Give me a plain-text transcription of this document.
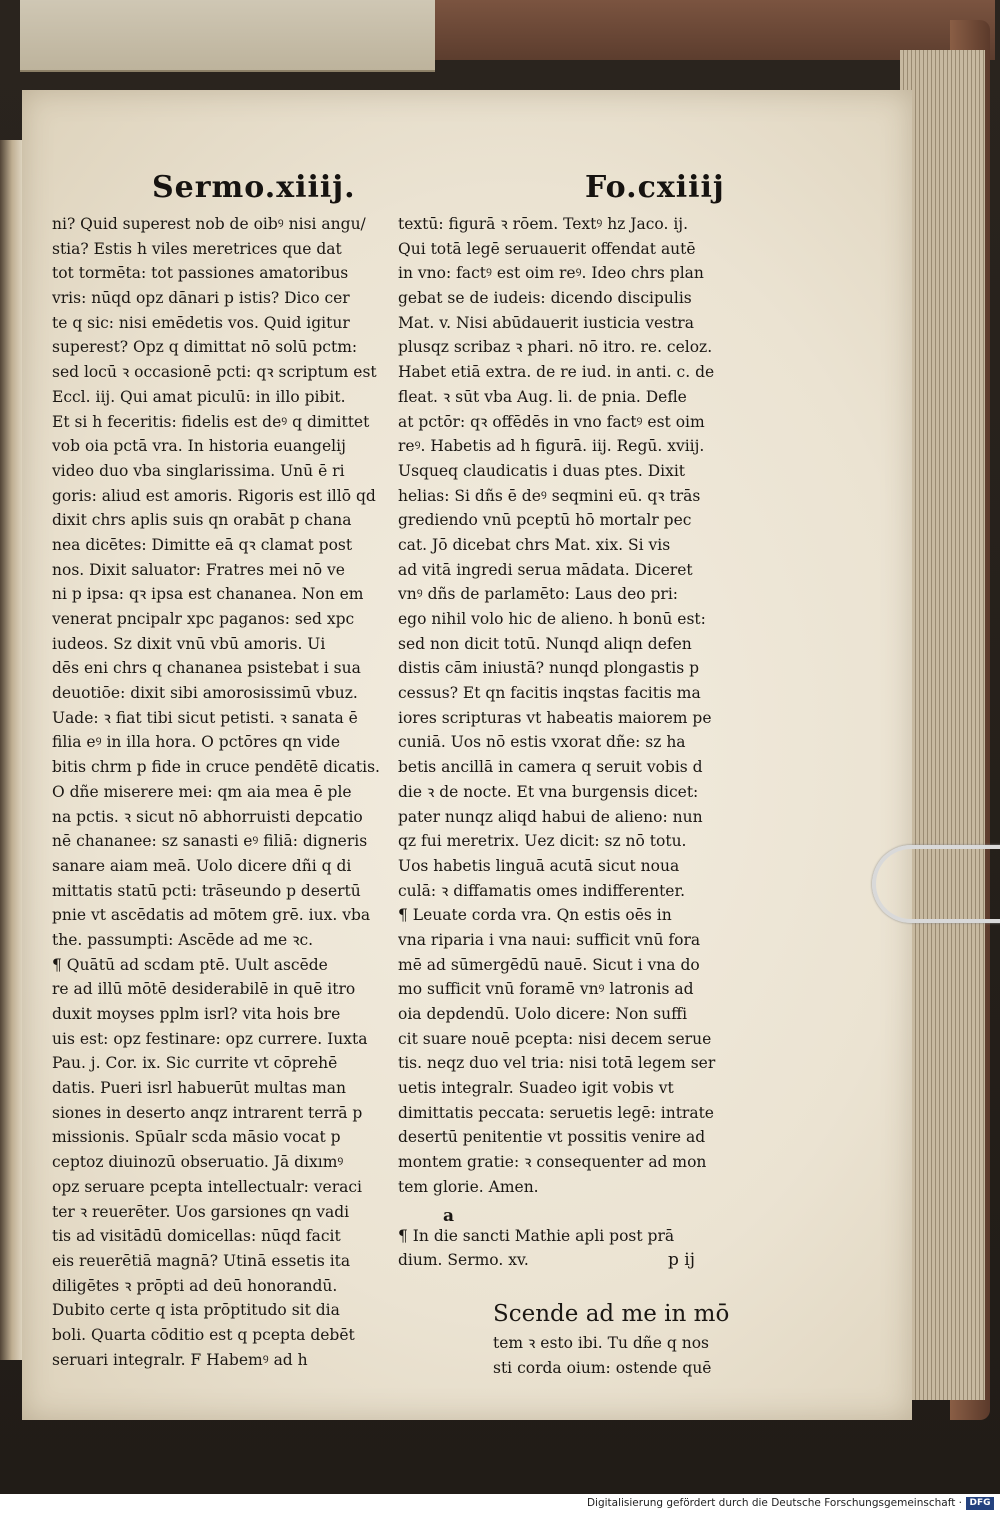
Sermo.xiiij.	Fo.cxiiij
ni? Quid superest nob de oibꝰ nisi angu/
stia? Estis h viles meretrices que dat
tot tormēta: tot passiones amatoribus
vris: nūqd opz dānari p istis? Dico cer
te q sic: nisi emēdetis vos. Quid igitur
superest? Opz q dimittat nō solū pctm:
sed locū ꝛ occasionē pcti: qꝛ scriptum est
Eccl. iij. Qui amat piculū: in illo pibit.
Et si h feceritis: fidelis est deꝰ q dimittet
vob oia pctā vra. In historia euangelij
video duo vba singlarissima. Unū ē ri
goris: aliud est amoris. Rigoris est illō qd
dixit chrs aplis suis qn orabāt p chana
nea dicētes: Dimitte eā qꝛ clamat post
nos. Dixit saluator: Fratres mei nō ve
ni p ipsa: qꝛ ipsa est chananea. Non em
venerat pncipalr xpc paganos: sed xpc
iudeos. Sz dixit vnū vbū amoris. Ui
dēs eni chrs q chananea psistebat i sua
deuotiōe: dixit sibi amorosissimū vbuz.
Uade: ꝛ fiat tibi sicut petisti. ꝛ sanata ē
filia eꝰ in illa hora. O pctōres qn vide
bitis chrm p fide in cruce pendētē dicatis.
O dñe miserere mei: qm aia mea ē ple
na pctis. ꝛ sicut nō abhorruisti depcatio
nē chananee: sz sanasti eꝰ filiā: digneris
sanare aiam meā. Uolo dicere dñi q di
mittatis statū pcti: trāseundo p desertū
pnie vt ascēdatis ad mōtem grē. iux. vba
the. passumpti: Ascēde ad me ꝛc.
¶ Quātū ad scdam ptē. Uult ascēde
re ad illū mōtē desiderabilē in quē itro
duxit moyses pplm isrl? vita hois bre
uis est: opz festinare: opz currere. Iuxta
Pau. j. Cor. ix. Sic currite vt cōprehē
datis. Pueri isrl habuerūt multas man
siones in deserto anqz intrarent terrā p
missionis. Spūalr scda māsio vocat p
ceptoz diuinozū obseruatio. Jā dixımꝰ
opz seruare pcepta intellectualr: veraci
ter ꝛ reuerēter. Uos garsiones qn vadi
tis ad visitādū domicellas: nūqd facit
eis reuerētiā magnā? Utinā essetis ita
diligētes ꝛ prōpti ad deū honorandū.
Dubito certe q ista prōptitudo sit dia
boli. Quarta cōditio est q pcepta debēt
seruari integralr. F Habemꝰ ad h
textū: figurā ꝛ rōem. Textꝰ hz Jaco. ij.
Qui totā legē seruauerit offendat autē
in vno: factꝰ est oim reꝰ. Ideo chrs plan
gebat se de iudeis: dicendo discipulis
Mat. v. Nisi abūdauerit iusticia vestra
plusqz scribaz ꝛ phari. nō itro. re. celoz.
Habet etiā extra. de re iud. in anti. c. de
fleat. ꝛ sūt vba Aug. li. de pnia. Defle
at pctōr: qꝛ offēdēs in vno factꝰ est oim
reꝰ. Habetis ad h figurā. iij. Regū. xviij.
Usqueq claudicatis i duas ptes. Dixit
helias: Si dñs ē deꝰ seqmini eū. qꝛ trās
grediendo vnū pceptū hō mortalr pec
cat. Jō dicebat chrs Mat. xix. Si vis
ad vitā ingredi serua mādata. Diceret
vnꝰ dñs de parlamēto: Laus deo pri:
ego nihil volo hic de alieno. h bonū est:
sed non dicit totū. Nunqd aliqn defen
distis cām iniustā? nunqd plongastis p
cessus? Et qn facitis inqstas facitis ma
iores scripturas vt habeatis maiorem pe
cuniā. Uos nō estis vxorat dñe: sz ha
betis ancillā in camera q seruit vobis d
die ꝛ de nocte. Et vna burgensis dicet:
pater nunqz aliqd habui de alieno: nun
qz fui meretrix. Uez dicit: sz nō totu.
Uos habetis linguā acutā sicut noua
culā: ꝛ diffamatis omes indifferenter.
¶ Leuate corda vra. Qn estis oēs in
vna riparia i vna naui: sufficit vnū fora
mē ad sūmergēdū nauē. Sicut i vna do
mo sufficit vnū foramē vnꝰ latronis ad
oia depdendū. Uolo dicere: Non suffi
cit suare nouē pcepta: nisi decem serue
tis. neqz duo vel tria: nisi totā legem ser
uetis integralr. Suadeo igit vobis vt
dimittatis peccata: seruetis legē: intrate
desertū penitentie vt possitis venire ad
montem gratie: ꝛ consequenter ad mon
tem glorie. Amen.
¶ In die sancti Mathie apli post prā
dium. Sermo. xv.
Scende ad me in mō
tem ꝛ esto ibi. Tu dñe q nos
sti corda oium: ostende quē
a
p ij
Digitalisierung gefördert durch die Deutsche Forschungsgemeinschaft · DFG
